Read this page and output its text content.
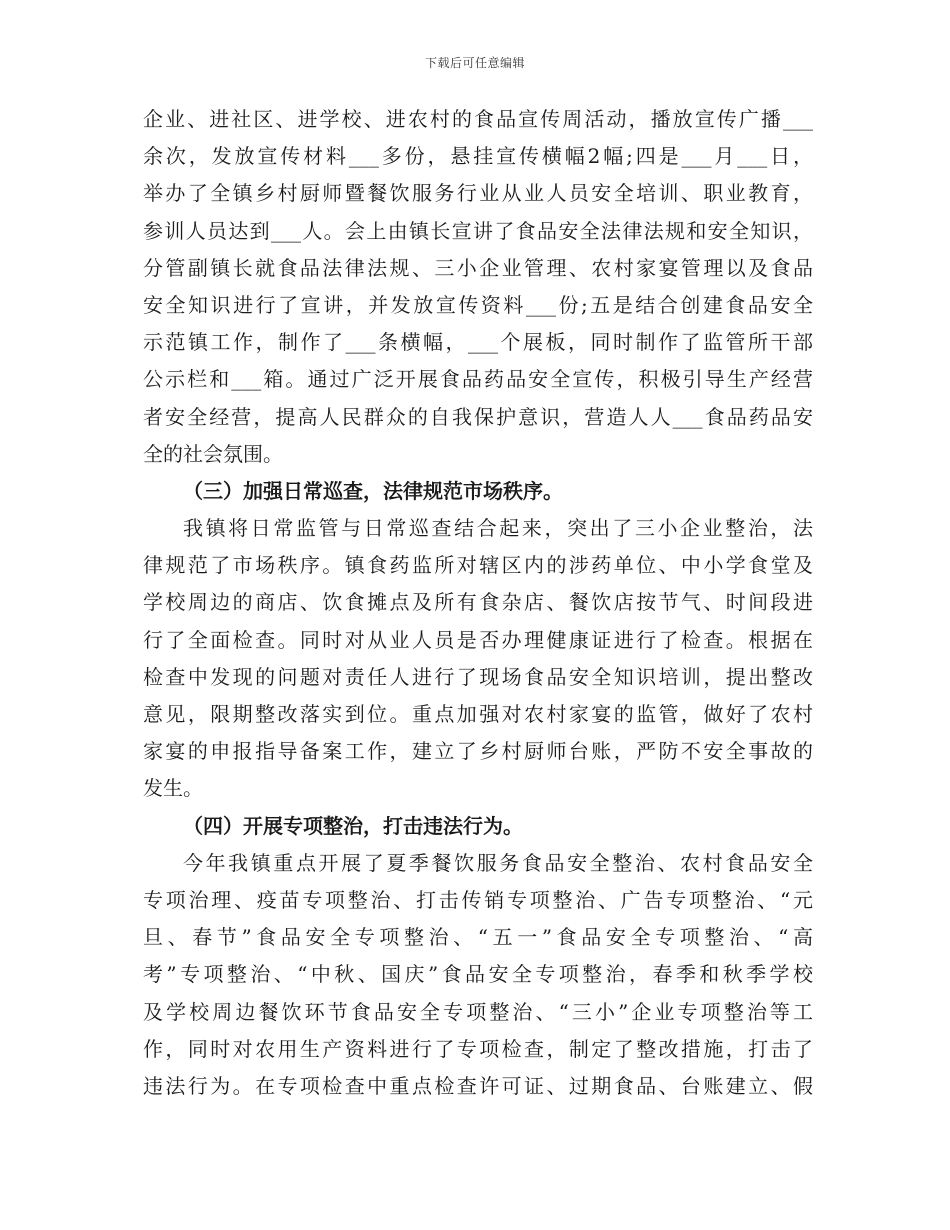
下载后可任意编辑
企业、进社区、进学校、进农村的食品宣传周活动，播放宣传广播___
余次，发放宣传材料___多份，悬挂宣传横幅2幅;四是___月___日，
举办了全镇乡村厨师暨餐饮服务行业从业人员安全培训、职业教育，
参训人员达到___人。会上由镇长宣讲了食品安全法律法规和安全知识，
分管副镇长就食品法律法规、三小企业管理、农村家宴管理以及食品
安全知识进行了宣讲，并发放宣传资料___份;五是结合创建食品安全
示范镇工作，制作了___条横幅，___个展板，同时制作了监管所干部
公示栏和___箱。通过广泛开展食品药品安全宣传，积极引导生产经营
者安全经营，提高人民群众的自我保护意识，营造人人___食品药品安
全的社会氛围。
（三）加强日常巡查，法律规范市场秩序。
我镇将日常监管与日常巡查结合起来，突出了三小企业整治，法
律规范了市场秩序。镇食药监所对辖区内的涉药单位、中小学食堂及
学校周边的商店、饮食摊点及所有食杂店、餐饮店按节气、时间段进
行了全面检查。同时对从业人员是否办理健康证进行了检查。根据在
检查中发现的问题对责任人进行了现场食品安全知识培训，提出整改
意见，限期整改落实到位。重点加强对农村家宴的监管，做好了农村
家宴的申报指导备案工作，建立了乡村厨师台账，严防不安全事故的
发生。
（四）开展专项整治，打击违法行为。
今年我镇重点开展了夏季餐饮服务食品安全整治、农村食品安全
专项治理、疫苗专项整治、打击传销专项整治、广告专项整治、“元
旦、春节”食品安全专项整治、“五一”食品安全专项整治、“高
考”专项整治、“中秋、国庆”食品安全专项整治，春季和秋季学校
及学校周边餐饮环节食品安全专项整治、“三小”企业专项整治等工
作，同时对农用生产资料进行了专项检查，制定了整改措施，打击了
违法行为。在专项检查中重点检查许可证、过期食品、台账建立、假
